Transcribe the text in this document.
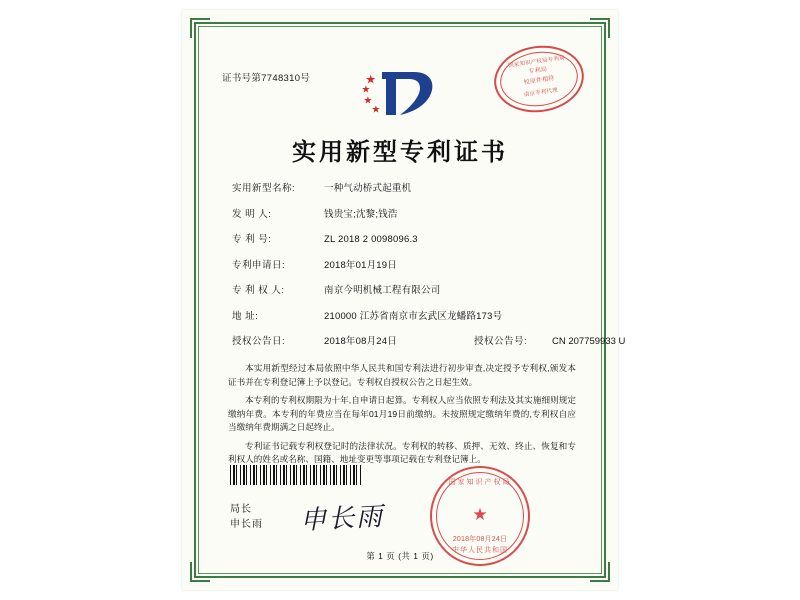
证书号第7748310号
国家知识产权局专利局
专利局
校原件相符
南京专利代理
实用新型专利证书
实用新型名称:	一种气动桥式起重机
发 明 人:	钱贵宝;沈黎;钱浩
专 利 号:	ZL 2018 2 0098096.3
专利申请日:	2018年01月19日
专 利 权 人:	南京今明机械工程有限公司
地 址:	210000 江苏省南京市玄武区龙蟠路173号
授权公告日:	2018年08月24日	授权公告号:	CN 207759933 U

本实用新型经过本局依照中华人民共和国专利法进行初步审查,决定授予专利权,颁发本证书并在专利登记簿上予以登记。专利权自授权公告之日起生效。

本专利的专利权期限为十年,自申请日起算。专利权人应当依照专利法及其实施细则规定缴纳年费。本专利的年费应当在每年01月19日前缴纳。未按照规定缴纳年费的,专利权自应当缴纳年费期满之日起终止。

专利证书记载专利权登记时的法律状况。专利权的转移、质押、无效、终止、恢复和专利权人的姓名或名称、国籍、地址变更等事项记载在专利登记簿上。

局长
申长雨 申长雨
国家知识产权局
★
2018年08月24日
中华人民共和国
第 1 页 (共 1 页)
